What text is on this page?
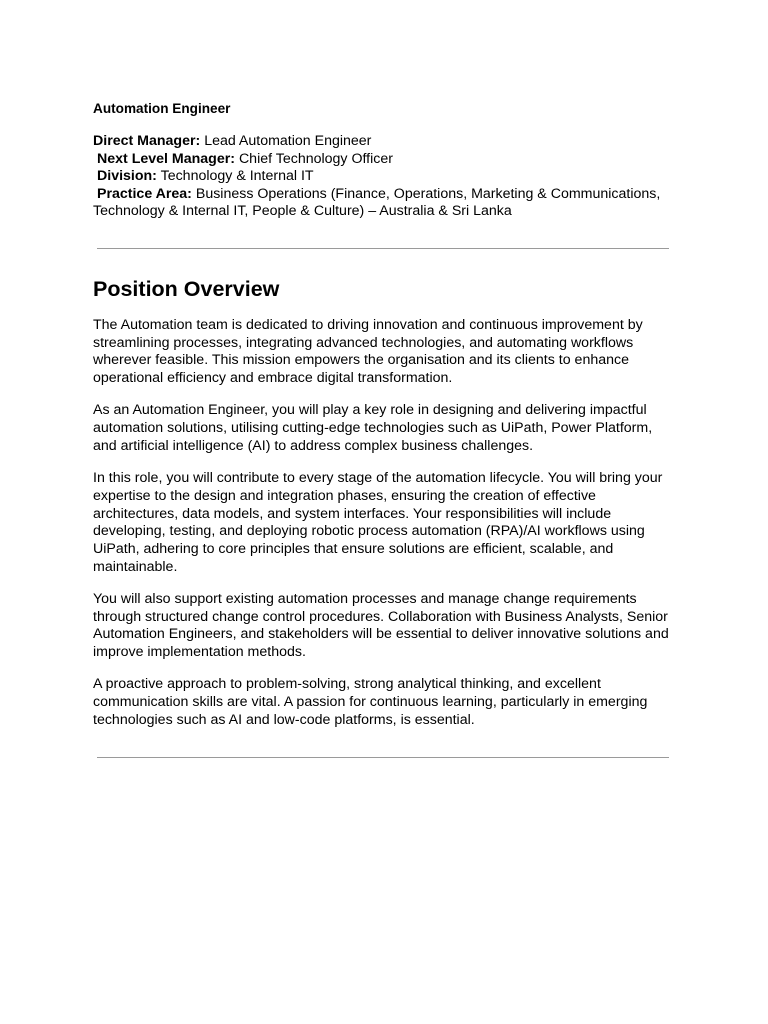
Automation Engineer
Direct Manager: Lead Automation Engineer
Next Level Manager: Chief Technology Officer
Division: Technology & Internal IT
Practice Area: Business Operations (Finance, Operations, Marketing & Communications,
Technology & Internal IT, People & Culture) – Australia & Sri Lanka
Position Overview

The Automation team is dedicated to driving innovation and continuous improvement by streamlining processes, integrating advanced technologies, and automating workflows wherever feasible. This mission empowers the organisation and its clients to enhance operational efficiency and embrace digital transformation.

As an Automation Engineer, you will play a key role in designing and delivering impactful automation solutions, utilising cutting-edge technologies such as UiPath, Power Platform, and artificial intelligence (AI) to address complex business challenges.

In this role, you will contribute to every stage of the automation lifecycle. You will bring your expertise to the design and integration phases, ensuring the creation of effective architectures, data models, and system interfaces. Your responsibilities will include developing, testing, and deploying robotic process automation (RPA)/AI workflows using UiPath, adhering to core principles that ensure solutions are efficient, scalable, and maintainable.

You will also support existing automation processes and manage change requirements through structured change control procedures. Collaboration with Business Analysts, Senior Automation Engineers, and stakeholders will be essential to deliver innovative solutions and improve implementation methods.

A proactive approach to problem-solving, strong analytical thinking, and excellent communication skills are vital. A passion for continuous learning, particularly in emerging technologies such as AI and low-code platforms, is essential.
